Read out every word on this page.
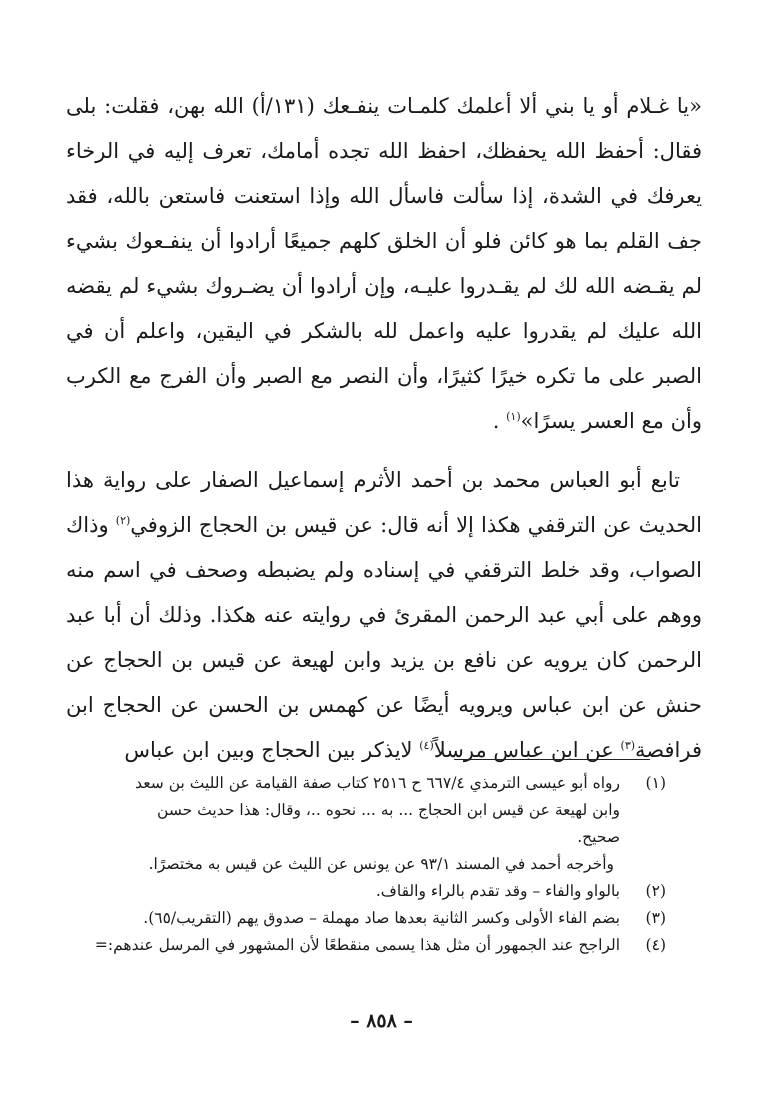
«يا غـلام أو يا بني ألا أعلمك كلمـات ينفـعك (١٣١/أ) الله بهن، فقلت: بلى فقال: أحفظ الله يحفظك، احفظ الله تجده أمامك، تعرف إليه في الرخاء يعرفك في الشدة، إذا سألت فاسأل الله وإذا استعنت فاستعن بالله، فقد جف القلم بما هو كائن فلو أن الخلق كلهم جميعًا أرادوا أن ينفـعوك بشيء لم يقـضه الله لك لم يقـدروا عليـه، وإن أرادوا أن يضـروك بشيء لم يقضه الله عليك لم يقدروا عليه واعمل لله بالشكر في اليقين، واعلم أن في الصبر على ما تكره خيرًا كثيرًا، وأن النصر مع الصبر وأن الفرج مع الكرب وأن مع العسر يسرًا»$^{(١)}$ .

تابع أبو العباس محمد بن أحمد الأثرم إسماعيل الصفار على رواية هذا الحديث عن الترقفي هكذا إلا أنه قال: عن قيس بن الحجاج الزوفي$^{(٢)}$ وذاك الصواب، وقد خلط الترقفي في إسناده ولم يضبطه وصحف في اسم منه ووهم على أبي عبد الرحمن المقرئ في روايته عنه هكذا. وذلك أن أبا عبد الرحمن كان يرويه عن نافع بن يزيد وابن لهيعة عن قيس بن الحجاج عن حنش عن ابن عباس ويرويه أيضًا عن كهمس بن الحسن عن الحجاج ابن فرافصة$^{(٣)}$ عن ابن عباس مرسلاً$^{(٤)}$ لايذكر بين الحجاج وبين ابن عباس

(١)
رواه أبو عيسى الترمذي ٦٦٧/٤ ح ٢٥١٦ كتاب صفة القيامة عن الليث بن سعد
وابن لهيعة عن قيس ابن الحجاج ... به ... نحوه ..، وقال: هذا حديث حسن
صحيح.
وأخرجه أحمد في المسند ٩٣/١ عن يونس عن الليث عن قيس به مختصرًا.
(٢)
بالواو والفاء – وقد تقدم بالراء والقاف.
(٣)
بضم الفاء الأولى وكسر الثانية بعدها صاد مهملة – صدوق يهم (التقريب/٦٥).
(٤)
الراجح عند الجمهور أن مثل هذا يسمى منقطعًا لأن المشهور في المرسل عندهم:=
– ٨٥٨ –
